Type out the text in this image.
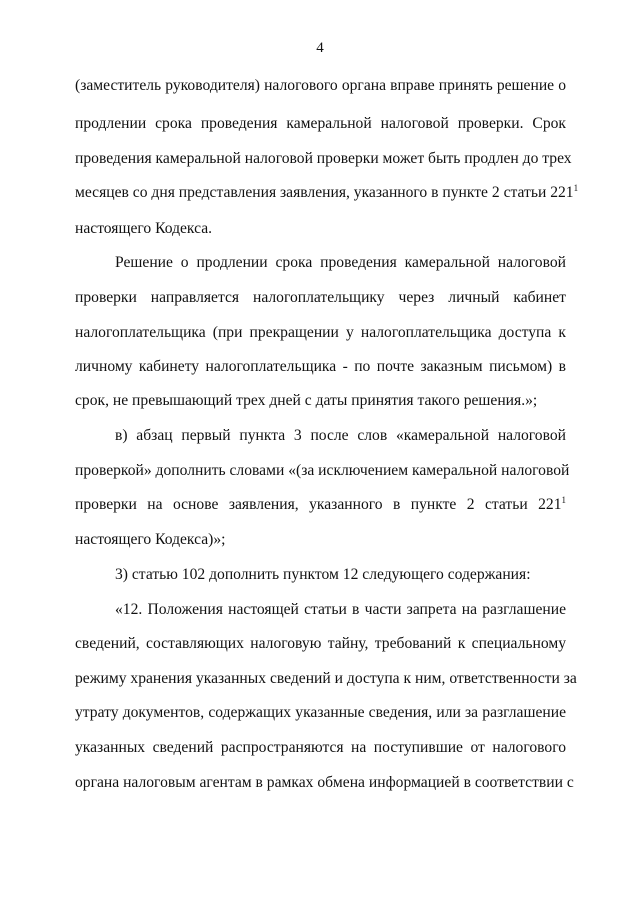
4
(заместитель руководителя) налогового органа вправе принять решение о
продлении срока проведения камеральной налоговой проверки. Срок
проведения камеральной налоговой проверки может быть продлен до трех
месяцев со дня представления заявления, указанного в пункте 2 статьи $221^1$
настоящего Кодекса.
Решение о продлении срока проведения камеральной налоговой
проверки направляется налогоплательщику через личный кабинет
налогоплательщика (при прекращении у налогоплательщика доступа к
личному кабинету налогоплательщика - по почте заказным письмом) в
срок, не превышающий трех дней с даты принятия такого решения.»;
в) абзац первый пункта 3 после слов «камеральной налоговой
проверкой» дополнить словами «(за исключением камеральной налоговой
проверки на основе заявления, указанного в пункте 2 статьи $221^1$
настоящего Кодекса)»;
3) статью 102 дополнить пунктом 12 следующего содержания:
«12. Положения настоящей статьи в части запрета на разглашение
сведений, составляющих налоговую тайну, требований к специальному
режиму хранения указанных сведений и доступа к ним, ответственности за
утрату документов, содержащих указанные сведения, или за разглашение
указанных сведений распространяются на поступившие от налогового
органа налоговым агентам в рамках обмена информацией в соответствии с
